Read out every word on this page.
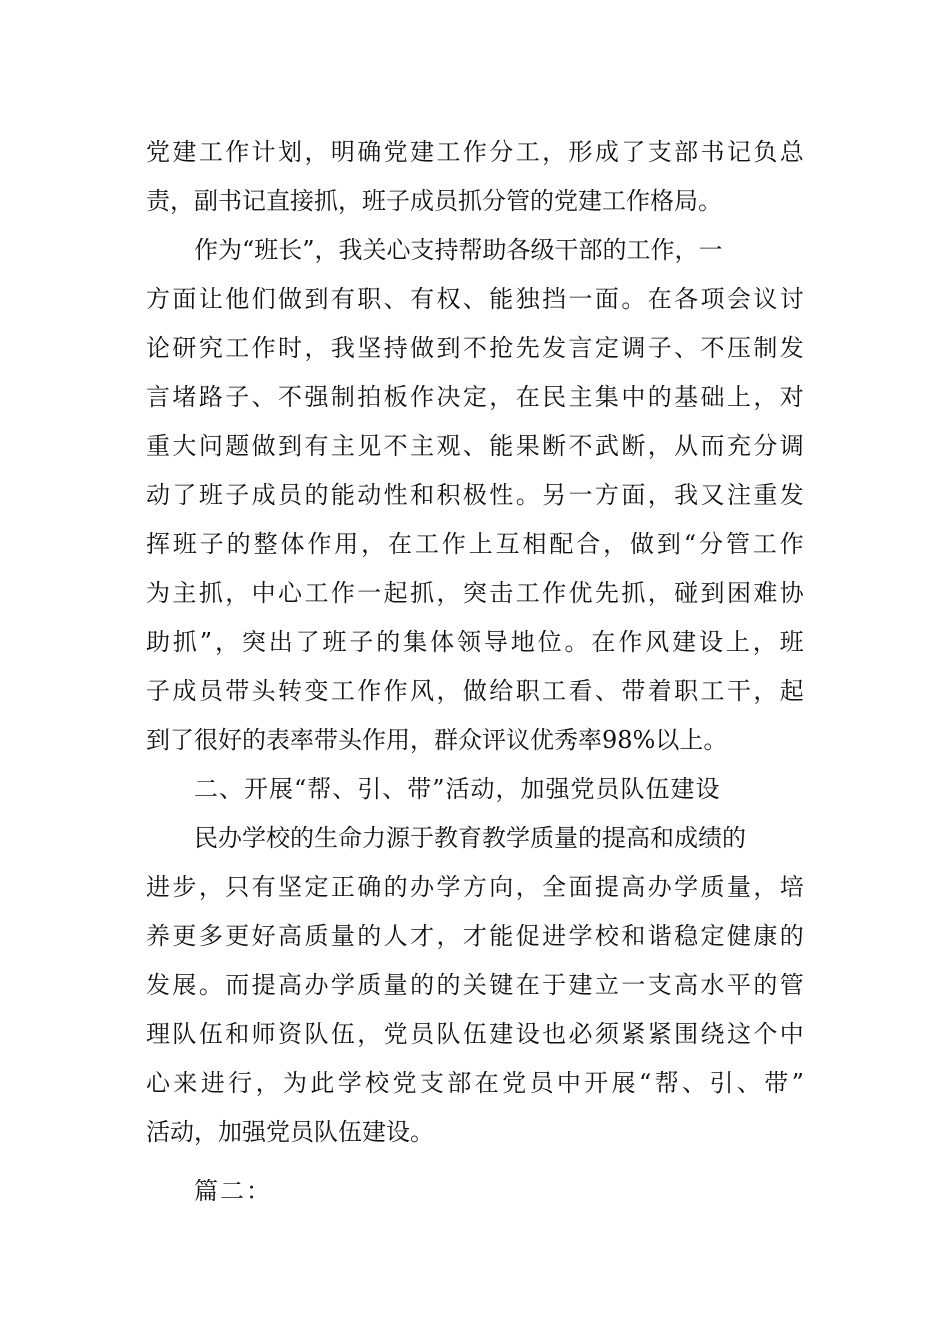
党 建 工 作 计 划 ， 明 确 党 建 工 作 分 工 ， 形 成 了 支 部 书 记 负 总
责，副书记直接抓，班子成员抓分管的党建工作格局。
作为“班长”，我关心支持帮助各级干部的工作，一
方 面 让 他 们 做 到 有 职 、 有 权 、 能 独 挡 一 面 。 在 各 项 会 议 讨
论 研 究 工 作 时 ， 我 坚 持 做 到 不 抢 先 发 言 定 调 子 、 不 压 制 发
言 堵 路 子 、 不 强 制 拍 板 作 决 定 ， 在 民 主 集 中 的 基 础 上 ， 对
重 大 问 题 做 到 有 主 见 不 主 观 、 能 果 断 不 武 断 ， 从 而 充 分 调
动 了 班 子 成 员 的 能 动 性 和 积 极 性 。 另 一 方 面 ， 我 又 注 重 发
挥 班 子 的 整 体 作 用 ， 在 工 作 上 互 相 配 合 ， 做 到 “ 分 管 工 作
为 主 抓 ， 中 心 工 作 一 起 抓 ， 突 击 工 作 优 先 抓 ， 碰 到 困 难 协
助 抓 ” ， 突 出 了 班 子 的 集 体 领 导 地 位 。 在 作 风 建 设 上 ， 班
子 成 员 带 头 转 变 工 作 作 风 ， 做 给 职 工 看 、 带 着 职 工 干 ， 起
到了很好的表率带头作用，群众评议优秀率98%以上。
二、开展“帮、引、带”活动，加强党员队伍建设
民办学校的生命力源于教育教学质量的提高和成绩的
进 步 ， 只 有 坚 定 正 确 的 办 学 方 向 ， 全 面 提 高 办 学 质 量 ， 培
养 更 多 更 好 高 质 量 的 人 才 ， 才 能 促 进 学 校 和 谐 稳 定 健 康 的
发 展 。 而 提 高 办 学 质 量 的 的 关 键 在 于 建 立 一 支 高 水 平 的 管
理 队 伍 和 师 资 队 伍 ， 党 员 队 伍 建 设 也 必 须 紧 紧 围 绕 这 个 中
心 来 进 行 ， 为 此 学 校 党 支 部 在 党 员 中 开 展 “ 帮 、 引 、 带 ”
活动，加强党员队伍建设。
篇二：
